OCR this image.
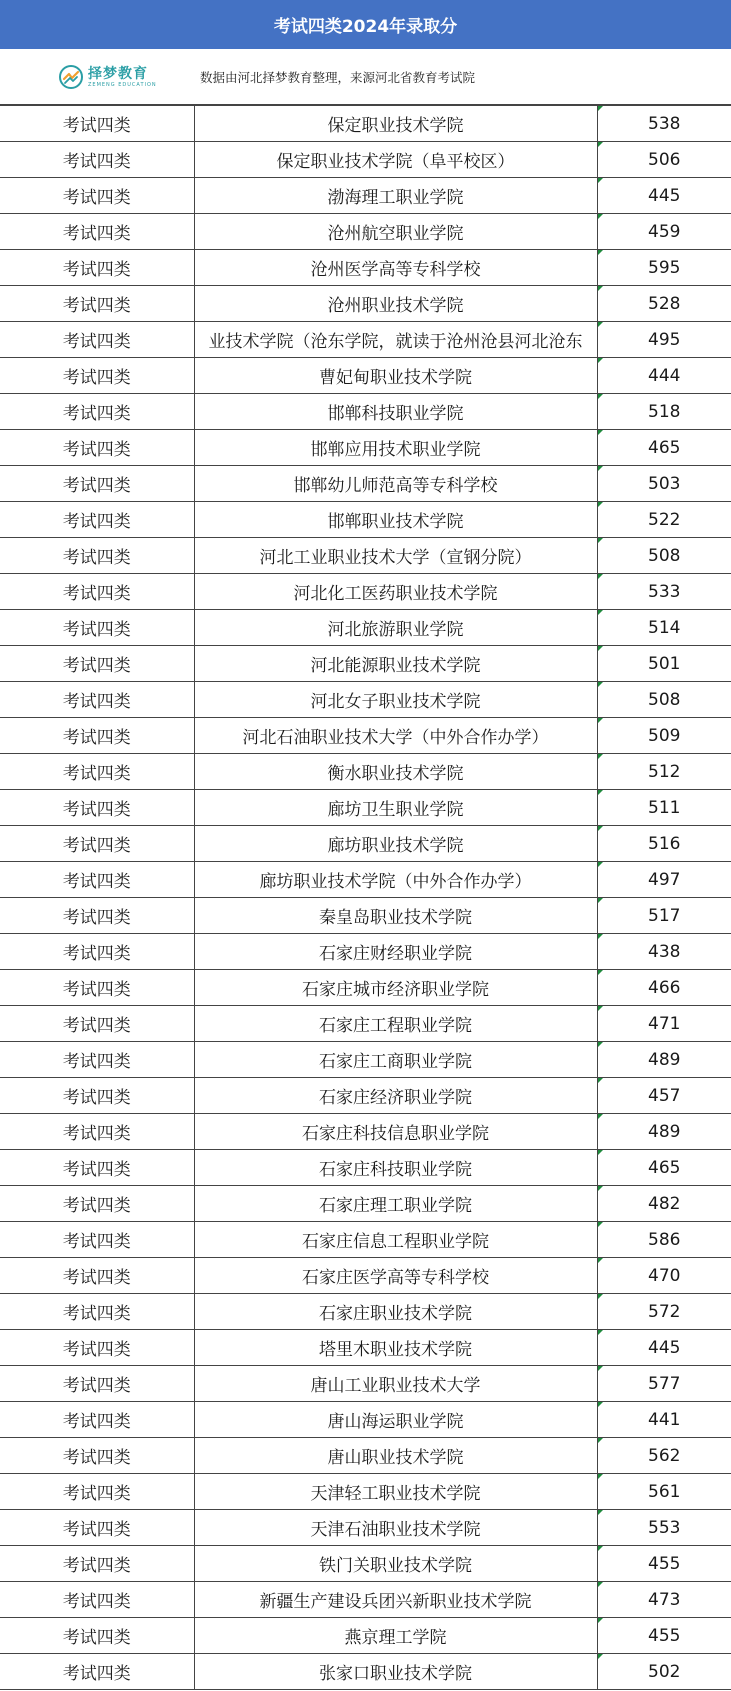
考试四类2024年录取分
择梦教育
ZEMENG EDUCATION	数据由河北择梦教育整理，来源河北省教育考试院
考试四类	保定职业技术学院	538
考试四类	保定职业技术学院（阜平校区）	506
考试四类	渤海理工职业学院	445
考试四类	沧州航空职业学院	459
考试四类	沧州医学高等专科学校	595
考试四类	沧州职业技术学院	528
考试四类	业技术学院（沧东学院，就读于沧州沧县河北沧东	495
考试四类	曹妃甸职业技术学院	444
考试四类	邯郸科技职业学院	518
考试四类	邯郸应用技术职业学院	465
考试四类	邯郸幼儿师范高等专科学校	503
考试四类	邯郸职业技术学院	522
考试四类	河北工业职业技术大学（宣钢分院）	508
考试四类	河北化工医药职业技术学院	533
考试四类	河北旅游职业学院	514
考试四类	河北能源职业技术学院	501
考试四类	河北女子职业技术学院	508
考试四类	河北石油职业技术大学（中外合作办学）	509
考试四类	衡水职业技术学院	512
考试四类	廊坊卫生职业学院	511
考试四类	廊坊职业技术学院	516
考试四类	廊坊职业技术学院（中外合作办学）	497
考试四类	秦皇岛职业技术学院	517
考试四类	石家庄财经职业学院	438
考试四类	石家庄城市经济职业学院	466
考试四类	石家庄工程职业学院	471
考试四类	石家庄工商职业学院	489
考试四类	石家庄经济职业学院	457
考试四类	石家庄科技信息职业学院	489
考试四类	石家庄科技职业学院	465
考试四类	石家庄理工职业学院	482
考试四类	石家庄信息工程职业学院	586
考试四类	石家庄医学高等专科学校	470
考试四类	石家庄职业技术学院	572
考试四类	塔里木职业技术学院	445
考试四类	唐山工业职业技术大学	577
考试四类	唐山海运职业学院	441
考试四类	唐山职业技术学院	562
考试四类	天津轻工职业技术学院	561
考试四类	天津石油职业技术学院	553
考试四类	铁门关职业技术学院	455
考试四类	新疆生产建设兵团兴新职业技术学院	473
考试四类	燕京理工学院	455
考试四类	张家口职业技术学院	502
